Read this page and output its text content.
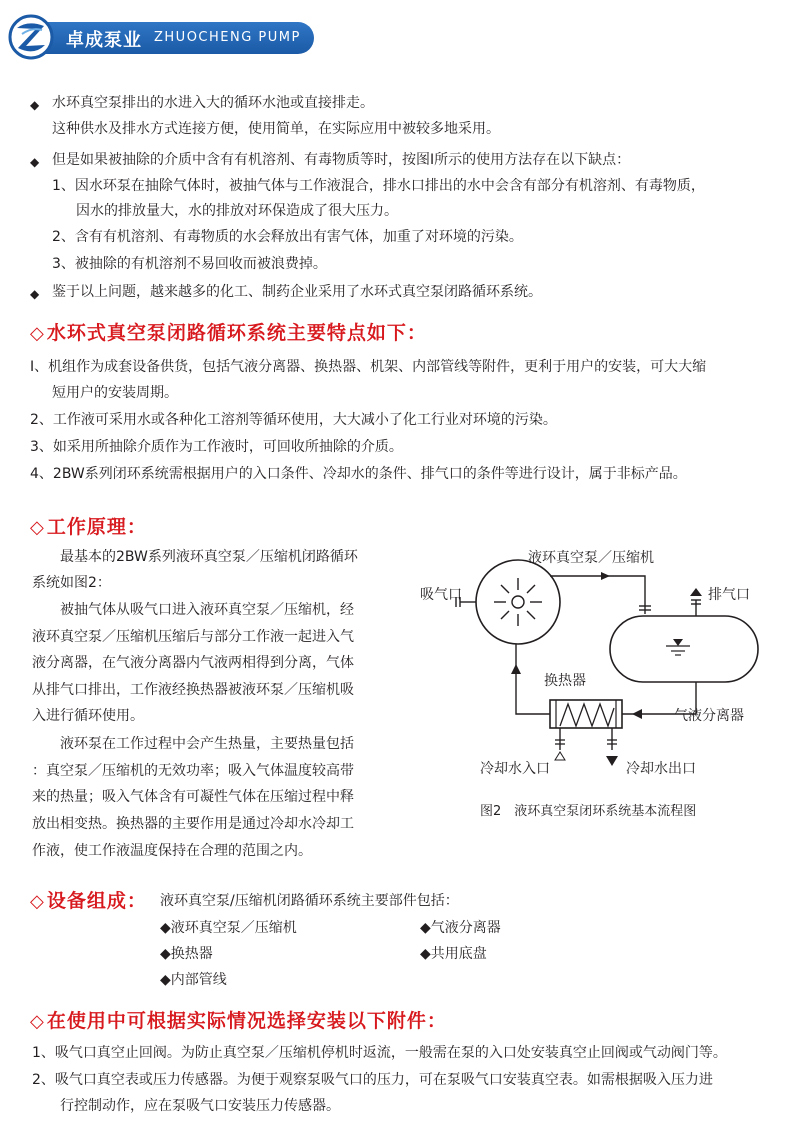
卓成泵业 ZHUOCHENG PUMP
◆ 水环真空泵排出的水进入大的循环水池或直接排走。
这种供水及排水方式连接方便，使用简单，在实际应用中被较多地采用。
◆ 但是如果被抽除的介质中含有有机溶剂、有毒物质等时，按图I所示的使用方法存在以下缺点：
1、因水环泵在抽除气体时，被抽气体与工作液混合，排水口排出的水中会含有部分有机溶剂、有毒物质，
因水的排放量大，水的排放对环保造成了很大压力。
2、含有有机溶剂、有毒物质的水会释放出有害气体，加重了对环境的污染。
3、被抽除的有机溶剂不易回收而被浪费掉。
◆ 鉴于以上问题，越来越多的化工、制药企业采用了水环式真空泵闭路循环系统。
◇ 水环式真空泵闭路循环系统主要特点如下：
I、机组作为成套设备供货，包括气液分离器、换热器、机架、内部管线等附件，更利于用户的安装，可大大缩
短用户的安装周期。
2、工作液可采用水或各种化工溶剂等循环使用，大大减小了化工行业对环境的污染。
3、如采用所抽除介质作为工作液时，可回收所抽除的介质。
4、2BW系列闭环系统需根据用户的入口条件、冷却水的条件、排气口的条件等进行设计，属于非标产品。
◇ 工作原理：
最基本的2BW系列液环真空泵／压缩机闭路循环
系统如图2：
被抽气体从吸气口进入液环真空泵／压缩机，经
液环真空泵／压缩机压缩后与部分工作液一起进入气
液分离器，在气液分离器内气液两相得到分离，气体
从排气口排出，工作液经换热器被液环泵／压缩机吸
入进行循环使用。
液环泵在工作过程中会产生热量，主要热量包括
：真空泵／压缩机的无效功率；吸入气体温度较高带
来的热量；吸入气体含有可凝性气体在压缩过程中释
放出相变热。换热器的主要作用是通过冷却水冷却工
作液，使工作液温度保持在合理的范围之内。
液环真空泵／压缩机
吸气口	排气口
换热器
气液分离器
冷却水入口	冷却水出口
图2　液环真空泵闭环系统基本流程图
◇ 设备组成： 液环真空泵/压缩机闭路循环系统主要部件包括：
◆液环真空泵／压缩机	◆气液分离器
◆换热器	◆共用底盘
◆内部管线
◇ 在使用中可根据实际情况选择安装以下附件：
1、吸气口真空止回阀。为防止真空泵／压缩机停机时返流，一般需在泵的入口处安装真空止回阀或气动阀门等。
2、吸气口真空表或压力传感器。为便于观察泵吸气口的压力，可在泵吸气口安装真空表。如需根据吸入压力进
行控制动作，应在泵吸气口安装压力传感器。
